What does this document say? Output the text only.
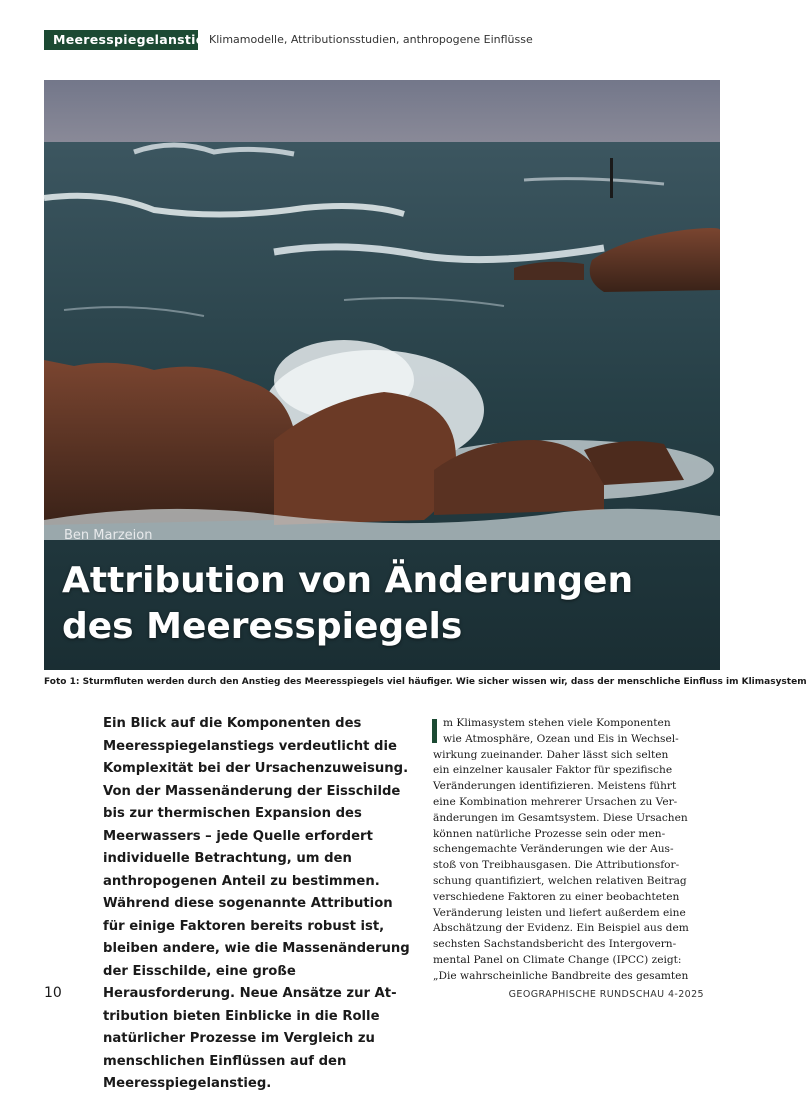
Meeresspiegelanstieg
Klimamodelle, Attributionsstudien, anthropogene Einflüsse
Ben Marzeion
Attribution von Änderungen
des Meeresspiegels
Foto 1: Sturmfluten werden durch den Anstieg des Meeresspiegels viel häufiger. Wie sicher wissen wir, dass der menschliche Einfluss im Klimasystem

Ein Blick auf die Komponenten des Meeresspiegelanstiegs verdeutlicht die Komplexität bei der Ursachenzuweisung. Von der Massenänderung der Eisschilde bis zur thermischen Expansion des Meerwassers – jede Quelle erfordert individuelle Betrachtung, um den anthropogenen Anteil zu bestimmen. Während diese sogenannte Attribution für einige Faktoren bereits robust ist, bleiben andere, wie die Massenänderung der Eisschilde, eine große Herausforderung. Neue Ansätze zur Attribution bieten Einblicke in die Rolle natürlicher Prozesse im Vergleich zu menschlichen Einflüssen auf den Meeresspiegelanstieg.

m Klimasystem stehen viele Komponenten
wie Atmosphäre, Ozean und Eis in Wechsel-
wirkung zueinander. Daher lässt sich selten
ein einzelner kausaler Faktor für spezifische
Veränderungen identifizieren. Meistens führt
eine Kombination mehrerer Ursachen zu Ver-
änderungen im Gesamtsystem. Diese Ursachen
können natürliche Prozesse sein oder men-
schengemachte Veränderungen wie der Aus-
stoß von Treibhausgasen. Die Attributionsfor-
schung quantifiziert, welchen relativen Beitrag
verschiedene Faktoren zu einer beobachteten
Veränderung leisten und liefert außerdem eine
Abschätzung der Evidenz. Ein Beispiel aus dem
sechsten Sachstandsbericht des Intergovern-
mental Panel on Climate Change (IPCC) zeigt:
„Die wahrscheinliche Bandbreite des gesamten
10	GEOGRAPHISCHE RUNDSCHAU 4-2025
